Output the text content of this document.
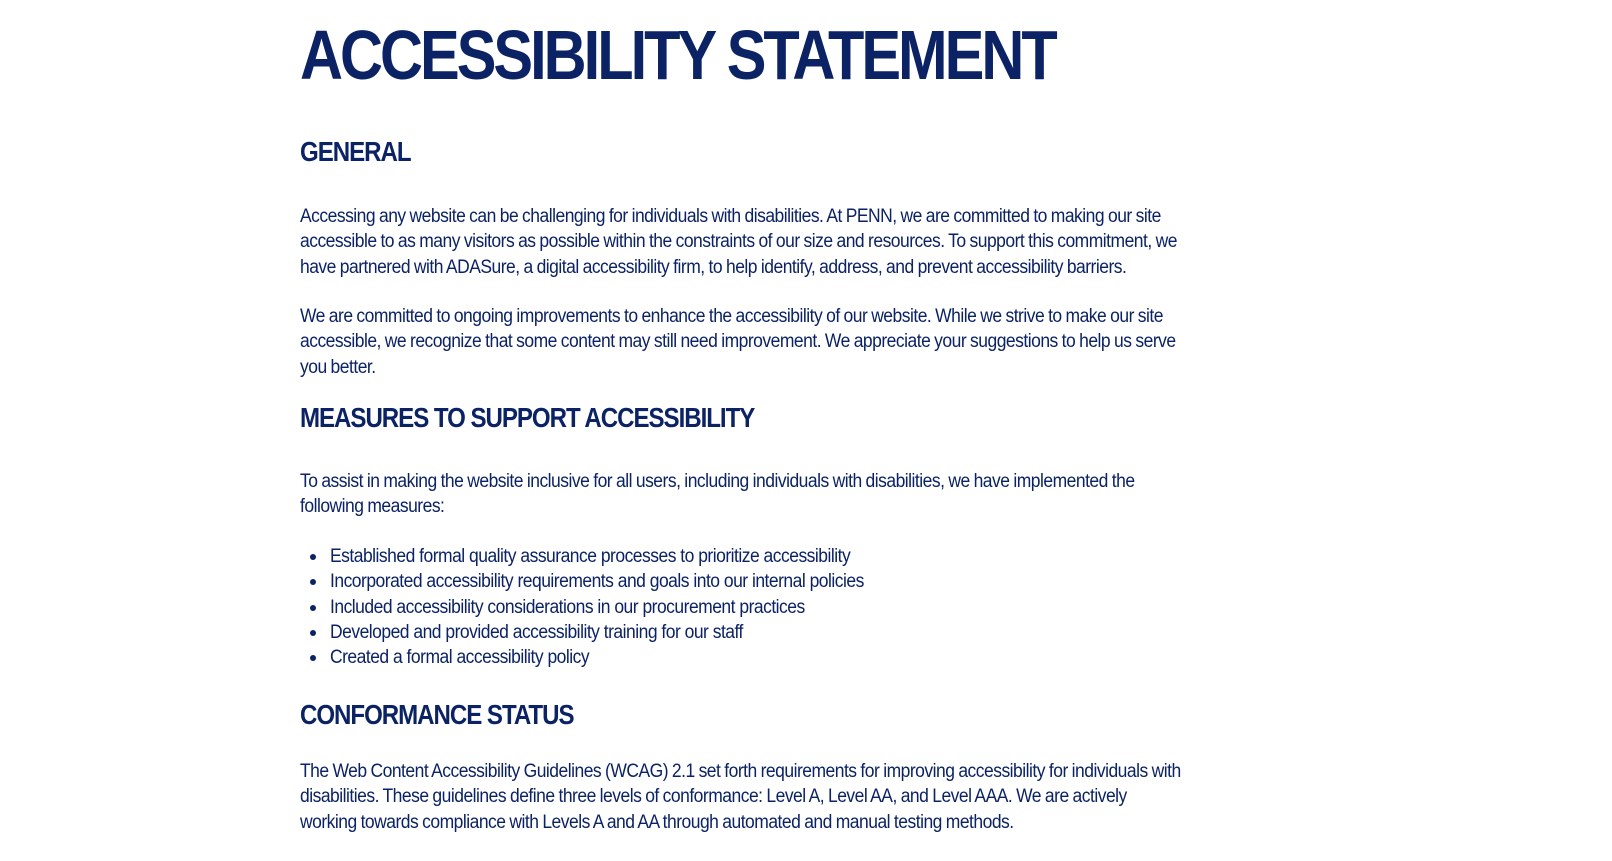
ACCESSIBILITY STATEMENT
GENERAL

Accessing any website can be challenging for individuals with disabilities. At PENN, we are committed to making our site accessible to as many visitors as possible within the constraints of our size and resources. To support this commitment, we have partnered with ADASure, a digital accessibility firm, to help identify, address, and prevent accessibility barriers.

We are committed to ongoing improvements to enhance the accessibility of our website. While we strive to make our site accessible, we recognize that some content may still need improvement. We appreciate your suggestions to help us serve you better.

MEASURES TO SUPPORT ACCESSIBILITY

To assist in making the website inclusive for all users, including individuals with disabilities, we have implemented the following measures:

Established formal quality assurance processes to prioritize accessibility
Incorporated accessibility requirements and goals into our internal policies
Included accessibility considerations in our procurement practices
Developed and provided accessibility training for our staff
Created a formal accessibility policy
CONFORMANCE STATUS

The Web Content Accessibility Guidelines (WCAG) 2.1 set forth requirements for improving accessibility for individuals with disabilities. These guidelines define three levels of conformance: Level A, Level AA, and Level AAA. We are actively working towards compliance with Levels A and AA through automated and manual testing methods.
